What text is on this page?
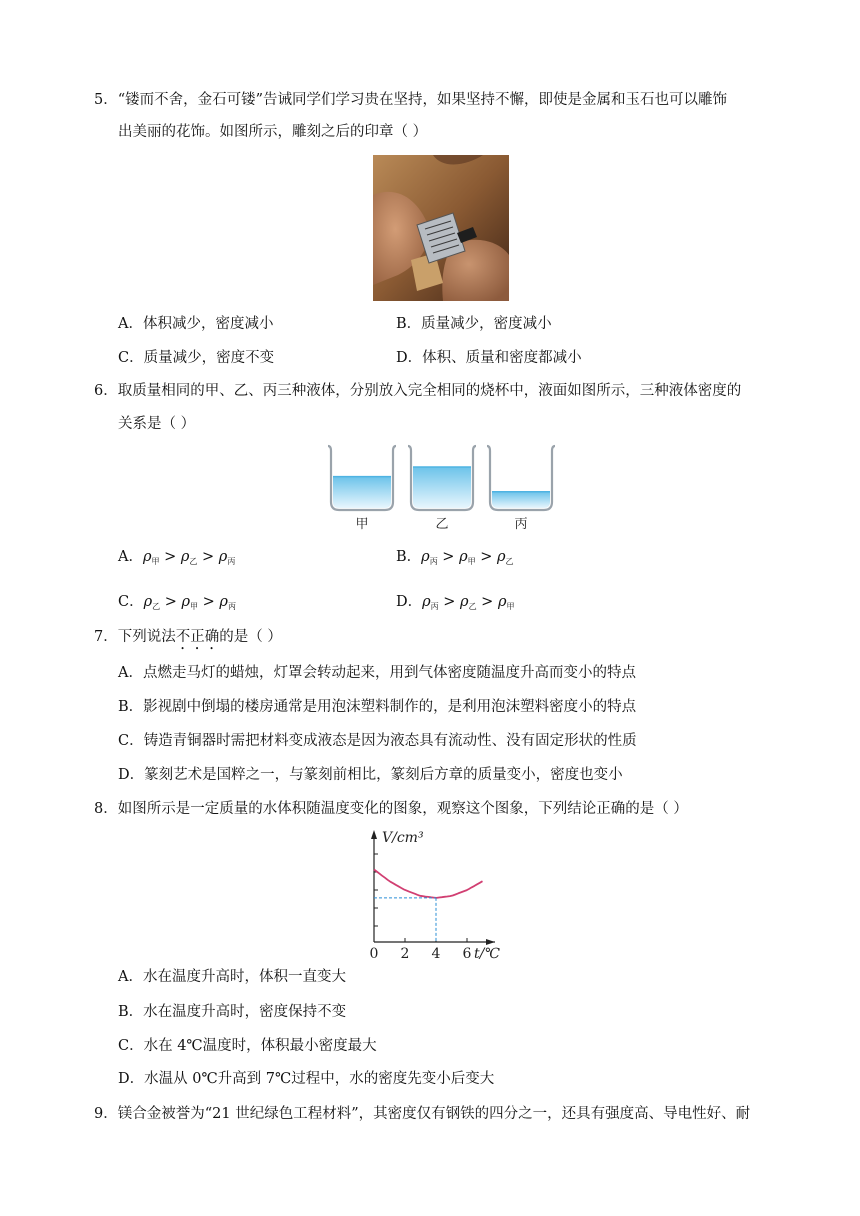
5．“镂而不舍，金石可镂”告诫同学们学习贵在坚持，如果坚持不懈，即使是金属和玉石也可以雕饰
出美丽的花饰。如图所示，雕刻之后的印章（ ）
A．体积减少，密度减小	B．质量减少，密度减小
C．质量减少，密度不变	D．体积、质量和密度都减小
6．取质量相同的甲、乙、丙三种液体，分别放入完全相同的烧杯中，液面如图所示，三种液体密度的
关系是（ ）
甲	乙	丙
A．$\rho_甲 > \rho_乙 > \rho_丙$	B．$\rho_丙 > \rho_甲 > \rho_乙$
C．$\rho_乙 > \rho_甲 > \rho_丙$	D．$\rho_丙 > \rho_乙 > \rho_甲$
7．下列说法不正确的是（ ）
A．点燃走马灯的蜡烛，灯罩会转动起来，用到气体密度随温度升高而变小的特点
B．影视剧中倒塌的楼房通常是用泡沫塑料制作的，是利用泡沫塑料密度小的特点
C．铸造青铜器时需把材料变成液态是因为液态具有流动性、没有固定形状的性质
D．篆刻艺术是国粹之一，与篆刻前相比，篆刻后方章的质量变小，密度也变小
8．如图所示是一定质量的水体积随温度变化的图象，观察这个图象，下列结论正确的是（ ）
0 2 4 6 t/℃
V/cm³
A．水在温度升高时，体积一直变大
B．水在温度升高时，密度保持不变
C．水在 4℃温度时，体积最小密度最大
D．水温从 0℃升高到 7℃过程中，水的密度先变小后变大
9．镁合金被誉为“21 世纪绿色工程材料”，其密度仅有钢铁的四分之一，还具有强度高、导电性好、耐
